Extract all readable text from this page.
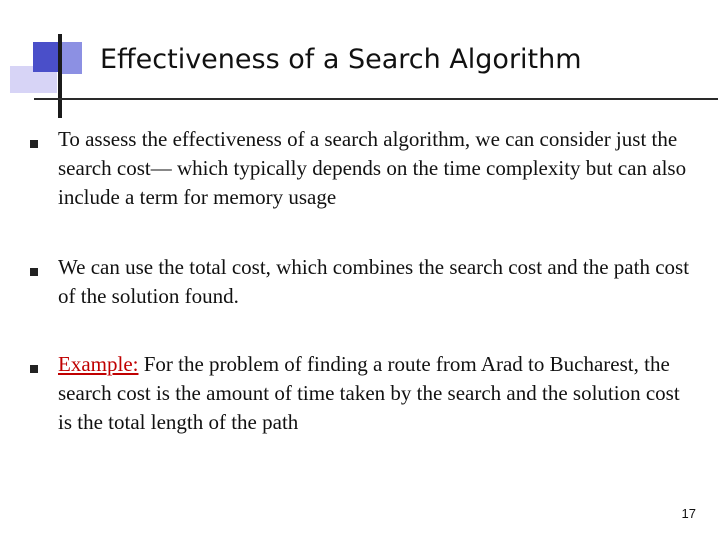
Effectiveness of a Search Algorithm
To assess the effectiveness of a search algorithm, we can consider just the search cost— which typically depends on the time complexity but can also include a term for memory usage
We can use the total cost, which combines the search cost and the path cost of the solution found.
Example: For the problem of finding a route from Arad to Bucharest, the search cost is the amount of time taken by the search and the solution cost is the total length of the path
17
